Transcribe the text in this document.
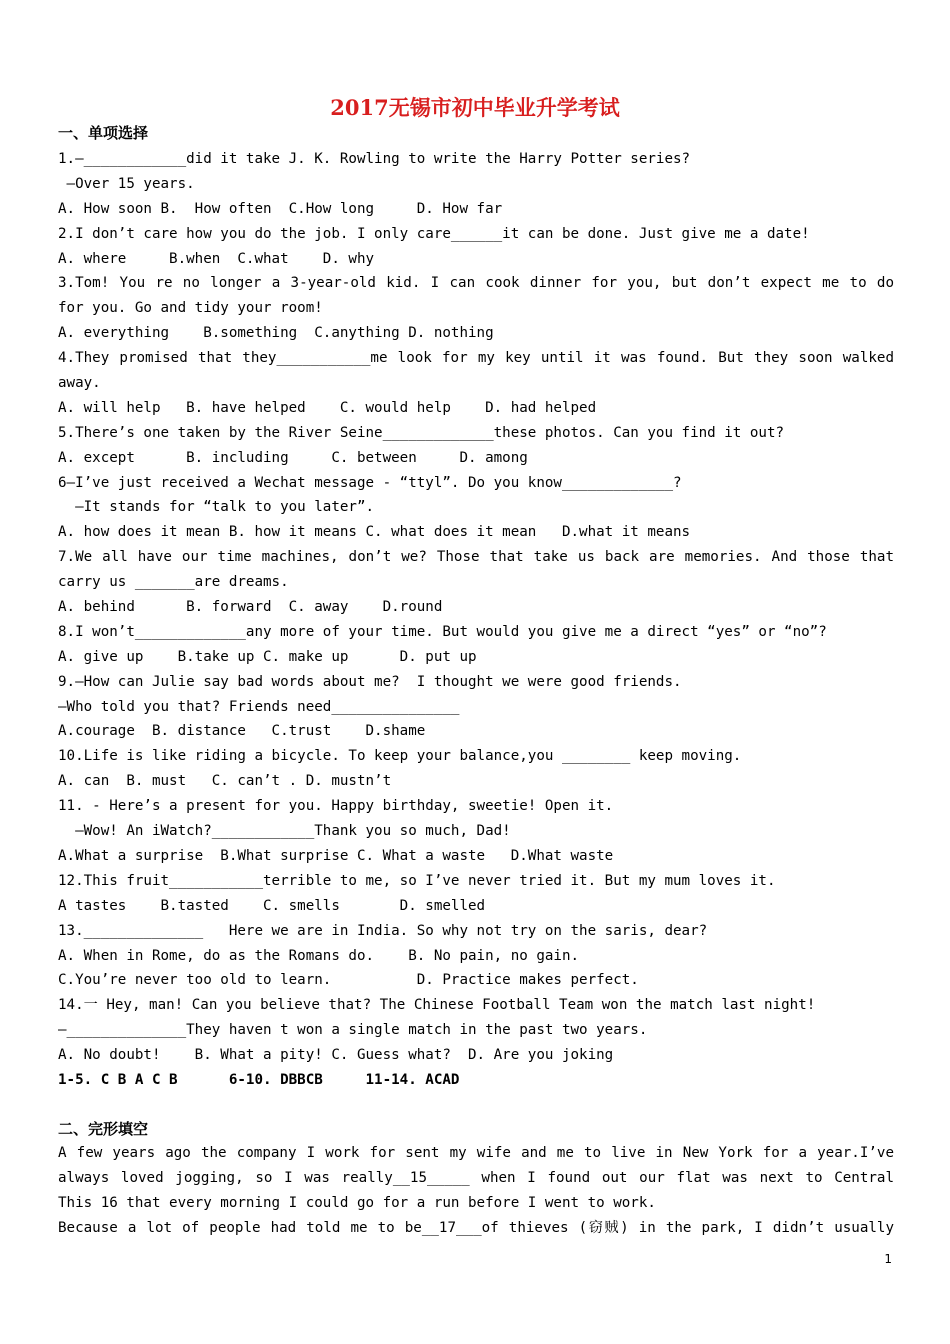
2017无锡市初中毕业升学考试
一、单项选择
1.—____________did it take J. K. Rowling to write the Harry Potter series?
—Over 15 years.
A. How soon B.  How often  C.How long     D. How far
2.I don’t care how you do the job. I only care______it can be done. Just give me a date!
A. where     B.when  C.what    D. why
3.Tom! You re no longer a 3-year-old kid. I can cook dinner for you, but don’t expect me to do
for you. Go and tidy your room!
A. everything    B.something  C.anything D. nothing
4.They promised that they___________me look for my key until it was found. But they soon walked
away.
A. will help   B. have helped    C. would help    D. had helped
5.There’s one taken by the River Seine_____________these photos. Can you find it out?
A. except      B. including     C. between     D. among
6—I’ve just received a Wechat message - “ttyl”. Do you know_____________?
—It stands for “talk to you later”.
A. how does it mean B. how it means C. what does it mean   D.what it means
7.We all have our time machines, don’t we? Those that take us back are memories. And those that
carry us _______are dreams.
A. behind      B. forward  C. away    D.round
8.I won’t_____________any more of your time. But would you give me a direct “yes” or “no”?
A. give up    B.take up C. make up      D. put up
9.—How can Julie say bad words about me?  I thought we were good friends.
—Who told you that? Friends need_______________
A.courage  B. distance   C.trust    D.shame
10.Life is like riding a bicycle. To keep your balance,you ________ keep moving.
A. can  B. must   C. can’t . D. mustn’t
11. - Here’s a present for you. Happy birthday, sweetie! Open it.
—Wow! An iWatch?____________Thank you so much, Dad!
A.What a surprise  B.What surprise C. What a waste   D.What waste
12.This fruit___________terrible to me, so I’ve never tried it. But my mum loves it.
A tastes    B.tasted    C. smells       D. smelled
13.______________   Here we are in India. So why not try on the saris, dear?
A. When in Rome, do as the Romans do.    B. No pain, no gain.
C.You’re never too old to learn.          D. Practice makes perfect.
14.一 Hey, man! Can you believe that? The Chinese Football Team won the match last night!
—______________They haven t won a single match in the past two years.
A. No doubt!    B. What a pity! C. Guess what?  D. Are you joking
1-5. C B A C B      6-10. DBBCB     11-14. ACAD
二、完形填空
A few years ago the company I work for sent my wife and me to live in New York for a year.I’ve
always loved jogging, so I was really__15_____ when I found out our flat was next to Central
This 16 that every morning I could go for a run before I went to work.
Because a lot of people had told me to be__17___of thieves (窃贼) in the park, I didn’t usually
1
